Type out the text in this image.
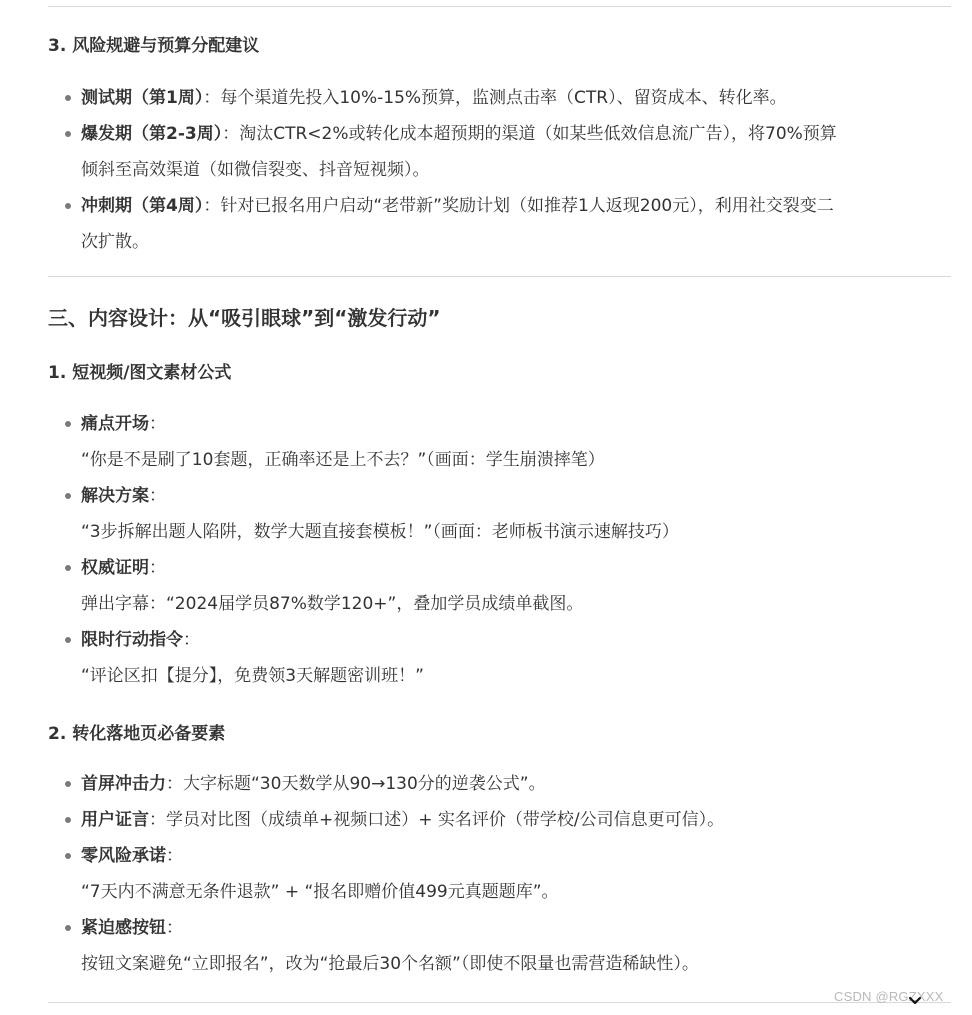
3. 风险规避与预算分配建议
测试期（第1周）：每个渠道先投入10%-15%预算，监测点击率（CTR）、留资成本、转化率。
爆发期（第2-3周）：淘汰CTR<2%或转化成本超预期的渠道（如某些低效信息流广告），将70%预算
倾斜至高效渠道（如微信裂变、抖音短视频）。
冲刺期（第4周）：针对已报名用户启动“老带新”奖励计划（如推荐1人返现200元），利用社交裂变二
次扩散。
三、内容设计：从“吸引眼球”到“激发行动”
1. 短视频/图文素材公式
痛点开场：
“你是不是刷了10套题，正确率还是上不去？”（画面：学生崩溃摔笔）
解决方案：
“3步拆解出题人陷阱，数学大题直接套模板！”（画面：老师板书演示速解技巧）
权威证明：
弹出字幕：“2024届学员87%数学120+”，叠加学员成绩单截图。
限时行动指令：
“评论区扣【提分】，免费领3天解题密训班！”
2. 转化落地页必备要素
首屏冲击力：大字标题“30天数学从90→130分的逆袭公式”。
用户证言：学员对比图（成绩单+视频口述）+ 实名评价（带学校/公司信息更可信）。
零风险承诺：
“7天内不满意无条件退款” + “报名即赠价值499元真题题库”。
紧迫感按钮：
按钮文案避免“立即报名”，改为“抢最后30个名额”（即使不限量也需营造稀缺性）。
CSDN @RGZXXX
